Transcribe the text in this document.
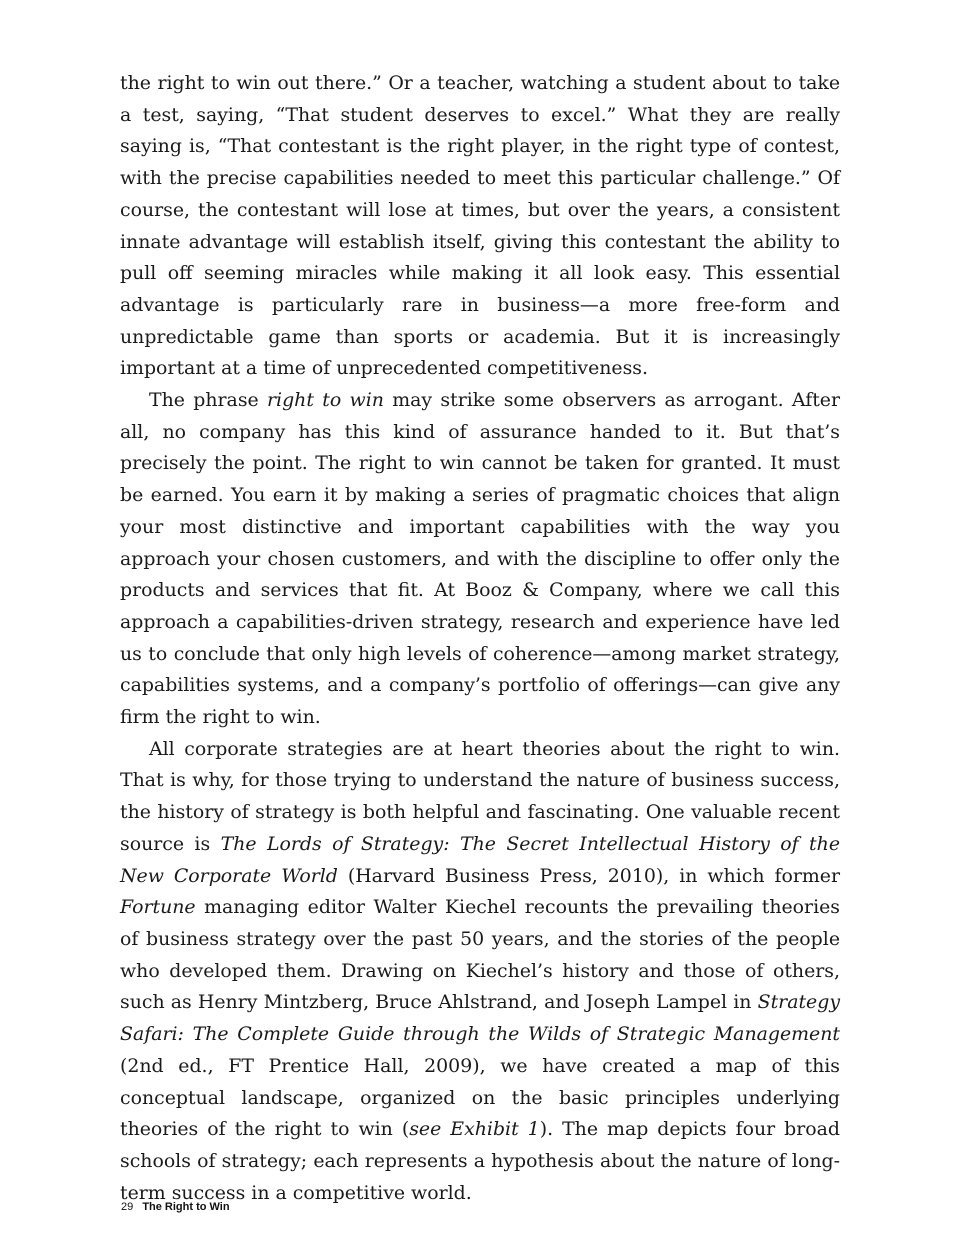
the right to win out there.” Or a teacher, watching a student about to take a test, saying, “That student deserves to excel.” What they are really saying is, “That contestant is the right player, in the right type of contest, with the precise capabilities needed to meet this particular challenge.” Of course, the contestant will lose at times, but over the years, a consistent innate advantage will establish itself, giving this contestant the ability to pull off seeming miracles while making it all look easy. This essential advantage is particularly rare in business—a more free-form and unpredictable game than sports or academia. But it is increasingly important at a time of unprecedented competitiveness.

The phrase right to win may strike some observers as arrogant. After all, no company has this kind of assurance handed to it. But that’s precisely the point. The right to win cannot be taken for granted. It must be earned. You earn it by making a series of pragmatic choices that align your most distinctive and important capabilities with the way you approach your chosen customers, and with the discipline to offer only the products and services that fit. At Booz & Company, where we call this approach a capabilities-driven strategy, research and experience have led us to conclude that only high levels of coherence—among market strategy, capabilities systems, and a company’s portfolio of offerings—can give any firm the right to win.

All corporate strategies are at heart theories about the right to win. That is why, for those trying to understand the nature of business success, the history of strategy is both helpful and fascinating. One valuable recent source is The Lords of Strategy: The Secret Intellectual History of the New Corporate World (Harvard Business Press, 2010), in which former Fortune managing editor Walter Kiechel recounts the prevailing theories of business strategy over the past 50 years, and the stories of the people who developed them. Drawing on Kiechel’s history and those of others, such as Henry Mintzberg, Bruce Ahlstrand, and Joseph Lampel in Strategy Safari: The Complete Guide through the Wilds of Strategic Management (2nd ed., FT Prentice Hall, 2009), we have created a map of this conceptual landscape, organized on the basic principles underlying theories of the right to win (see Exhibit 1). The map depicts four broad schools of strategy; each represents a hypothesis about the nature of long-term success in a competitive world.

29 The Right to Win
